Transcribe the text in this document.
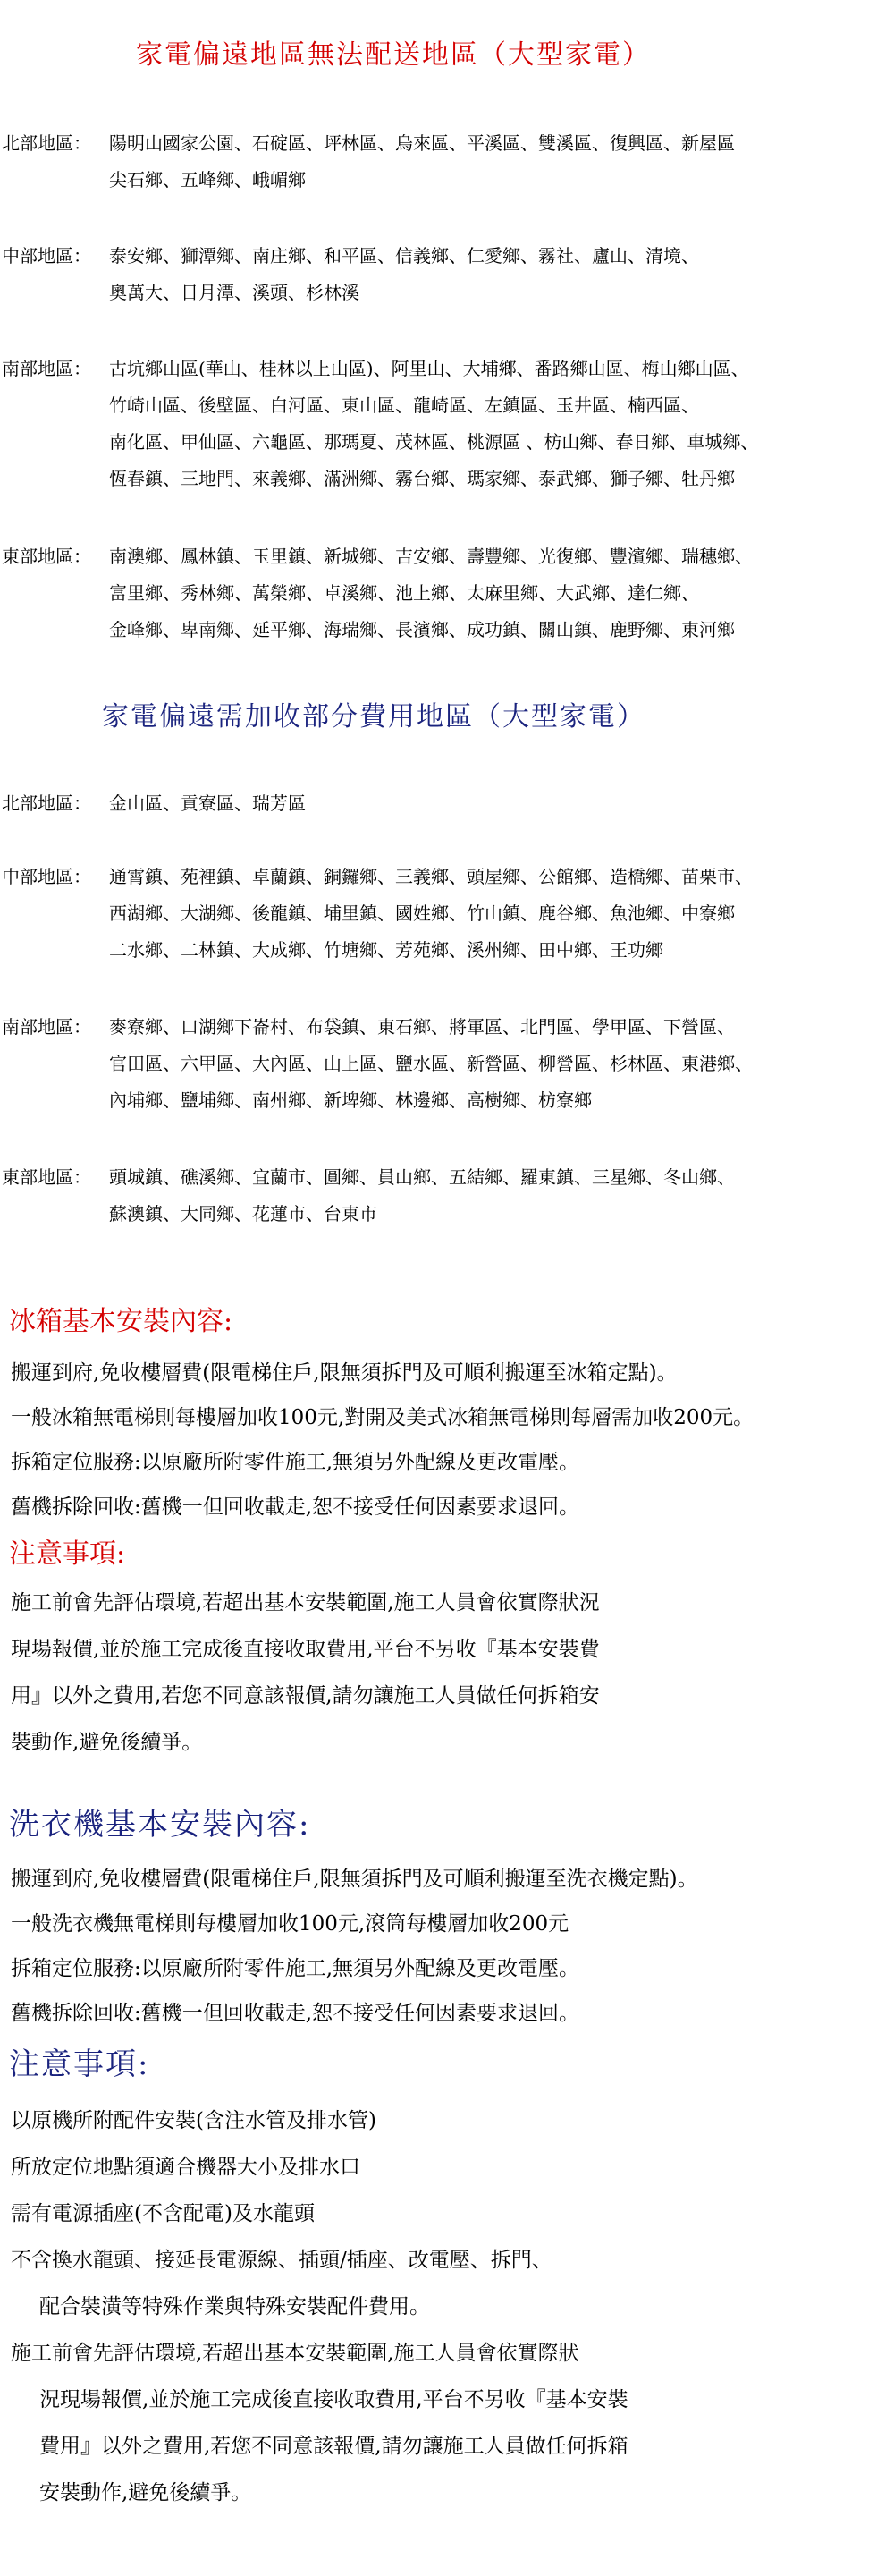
家電偏遠地區無法配送地區（大型家電）
北部地區： 陽明山國家公園、石碇區、坪林區、烏來區、平溪區、雙溪區、復興區、新屋區
尖石鄉、五峰鄉、峨嵋鄉
中部地區： 泰安鄉、獅潭鄉、南庄鄉、和平區、信義鄉、仁愛鄉、霧社、廬山、清境、
奧萬大、日月潭、溪頭、杉林溪
南部地區： 古坑鄉山區(華山、桂林以上山區)、阿里山、大埔鄉、番路鄉山區、梅山鄉山區、
竹崎山區、後壁區、白河區、東山區、龍崎區、左鎮區、玉井區、楠西區、
南化區、甲仙區、六龜區、那瑪夏、茂林區、桃源區 、枋山鄉、春日鄉、車城鄉、
恆春鎮、三地門、來義鄉、滿洲鄉、霧台鄉、瑪家鄉、泰武鄉、獅子鄉、牡丹鄉
東部地區： 南澳鄉、鳳林鎮、玉里鎮、新城鄉、吉安鄉、壽豐鄉、光復鄉、豐濱鄉、瑞穗鄉、
富里鄉、秀林鄉、萬榮鄉、卓溪鄉、池上鄉、太麻里鄉、大武鄉、達仁鄉、
金峰鄉、卑南鄉、延平鄉、海瑞鄉、長濱鄉、成功鎮、關山鎮、鹿野鄉、東河鄉
家電偏遠需加收部分費用地區（大型家電）
北部地區： 金山區、貢寮區、瑞芳區
中部地區： 通霄鎮、苑裡鎮、卓蘭鎮、銅鑼鄉、三義鄉、頭屋鄉、公館鄉、造橋鄉、苗栗市、
西湖鄉、大湖鄉、後龍鎮、埔里鎮、國姓鄉、竹山鎮、鹿谷鄉、魚池鄉、中寮鄉
二水鄉、二林鎮、大成鄉、竹塘鄉、芳苑鄉、溪州鄉、田中鄉、王功鄉
南部地區： 麥寮鄉、口湖鄉下崙村、布袋鎮、東石鄉、將軍區、北門區、學甲區、下營區、
官田區、六甲區、大內區、山上區、鹽水區、新營區、柳營區、杉林區、東港鄉、
內埔鄉、鹽埔鄉、南州鄉、新埤鄉、林邊鄉、高樹鄉、枋寮鄉
東部地區： 頭城鎮、礁溪鄉、宜蘭市、圓鄉、員山鄉、五結鄉、羅東鎮、三星鄉、冬山鄉、
蘇澳鎮、大同鄉、花蓮市、台東市
冰箱基本安裝內容:
搬運到府,免收樓層費(限電梯住戶,限無須拆門及可順利搬運至冰箱定點)。
一般冰箱無電梯則每樓層加收100元,對開及美式冰箱無電梯則每層需加收200元。
拆箱定位服務:以原廠所附零件施工,無須另外配線及更改電壓。
舊機拆除回收:舊機一但回收載走,恕不接受任何因素要求退回。
注意事項:
施工前會先評估環境,若超出基本安裝範圍,施工人員會依實際狀況
現場報價,並於施工完成後直接收取費用,平台不另收『基本安裝費
用』以外之費用,若您不同意該報價,請勿讓施工人員做任何拆箱安
裝動作,避免後續爭。
洗衣機基本安裝內容:
搬運到府,免收樓層費(限電梯住戶,限無須拆門及可順利搬運至洗衣機定點)。
一般洗衣機無電梯則每樓層加收100元,滾筒每樓層加收200元
拆箱定位服務:以原廠所附零件施工,無須另外配線及更改電壓。
舊機拆除回收:舊機一但回收載走,恕不接受任何因素要求退回。
注意事項:
以原機所附配件安裝(含注水管及排水管)
所放定位地點須適合機器大小及排水口
需有電源插座(不含配電)及水龍頭
不含換水龍頭、接延長電源線、插頭/插座、改電壓、拆門、
配合裝潢等特殊作業與特殊安裝配件費用。
施工前會先評估環境,若超出基本安裝範圍,施工人員會依實際狀
況現場報價,並於施工完成後直接收取費用,平台不另收『基本安裝
費用』以外之費用,若您不同意該報價,請勿讓施工人員做任何拆箱
安裝動作,避免後續爭。
